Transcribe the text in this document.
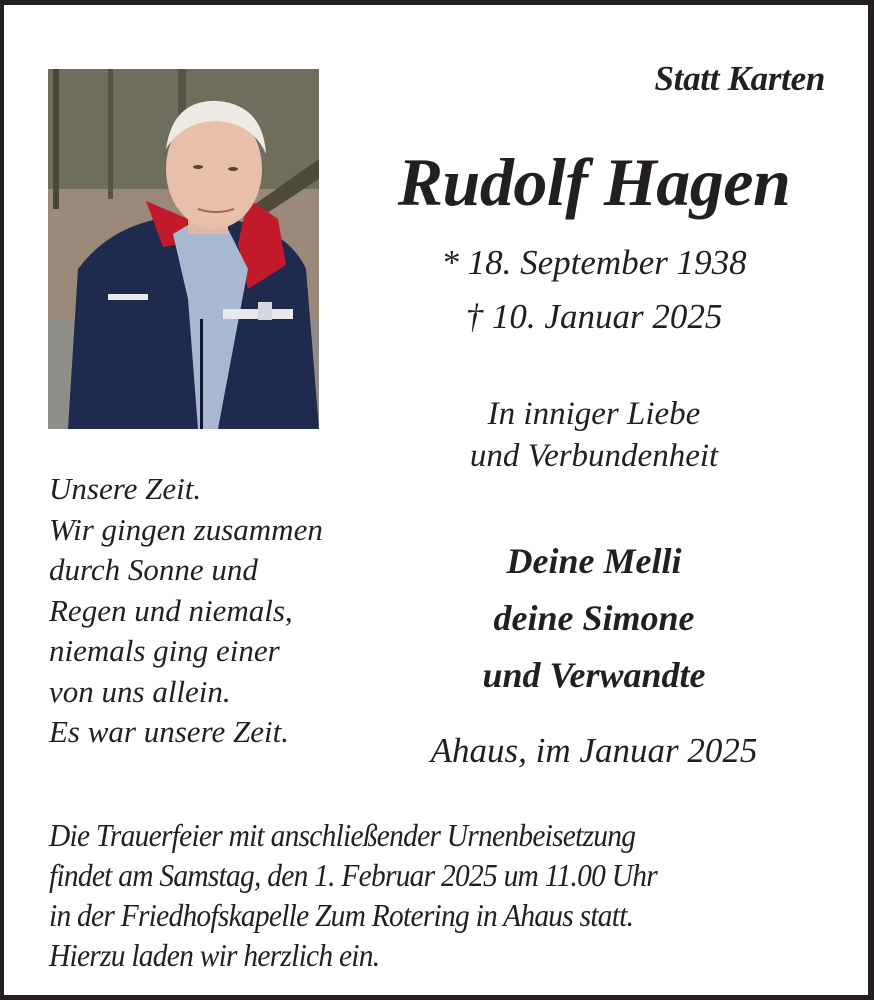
Statt Karten
Rudolf Hagen
* 18. September 1938
† 10. Januar 2025
In inniger Liebe
und Verbundenheit
Deine Melli
deine Simone
und Verwandte
Ahaus, im Januar 2025
Unsere Zeit.
Wir gingen zusammen
durch Sonne und
Regen und niemals,
niemals ging einer
von uns allein.
Es war unsere Zeit.
Die Trauerfeier mit anschließender Urnenbeisetzung
findet am Samstag, den 1. Februar 2025 um 11.00 Uhr
in der Friedhofskapelle Zum Rotering in Ahaus statt.
Hierzu laden wir herzlich ein.
